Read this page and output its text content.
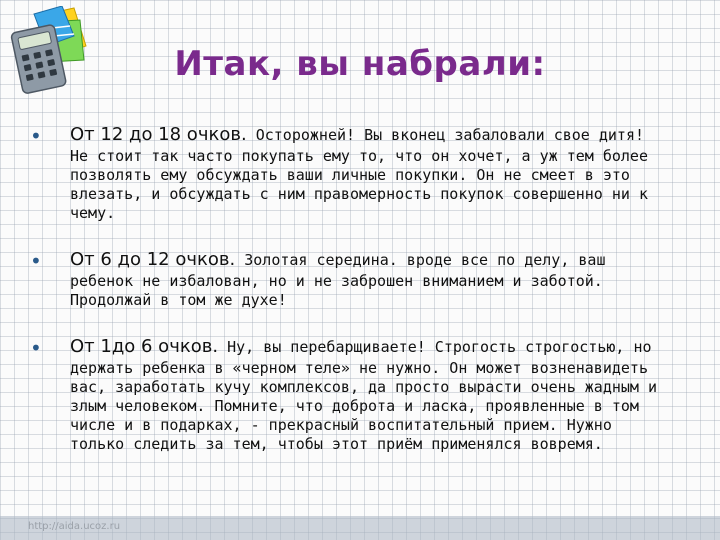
Итак, вы набрали:
• От 12 до 18 очков. Осторожней! Вы вконец забаловали свое дитя!
Не стоит так часто покупать ему то, что он хочет, а уж тем более
позволять ему обсуждать ваши личные покупки. Он не смеет в это
влезать, и обсуждать с ним правомерность покупок совершенно ни к
чему.
• От 6 до 12 очков. Золотая середина. вроде все по делу, ваш
ребенок не избалован, но и не заброшен вниманием и заботой.
Продолжай в том же духе!
• От 1до 6 очков. Ну, вы перебарщиваете! Строгость строгостью, но
держать ребенка в «черном теле» не нужно. Он может возненавидеть
вас, заработать кучу комплексов, да просто вырасти очень жадным и
злым человеком. Помните, что доброта и ласка, проявленные в том
числе и в подарках, - прекрасный воспитательный прием. Нужно
только следить за тем, чтобы этот приём применялся вовремя.
http://aida.ucoz.ru
